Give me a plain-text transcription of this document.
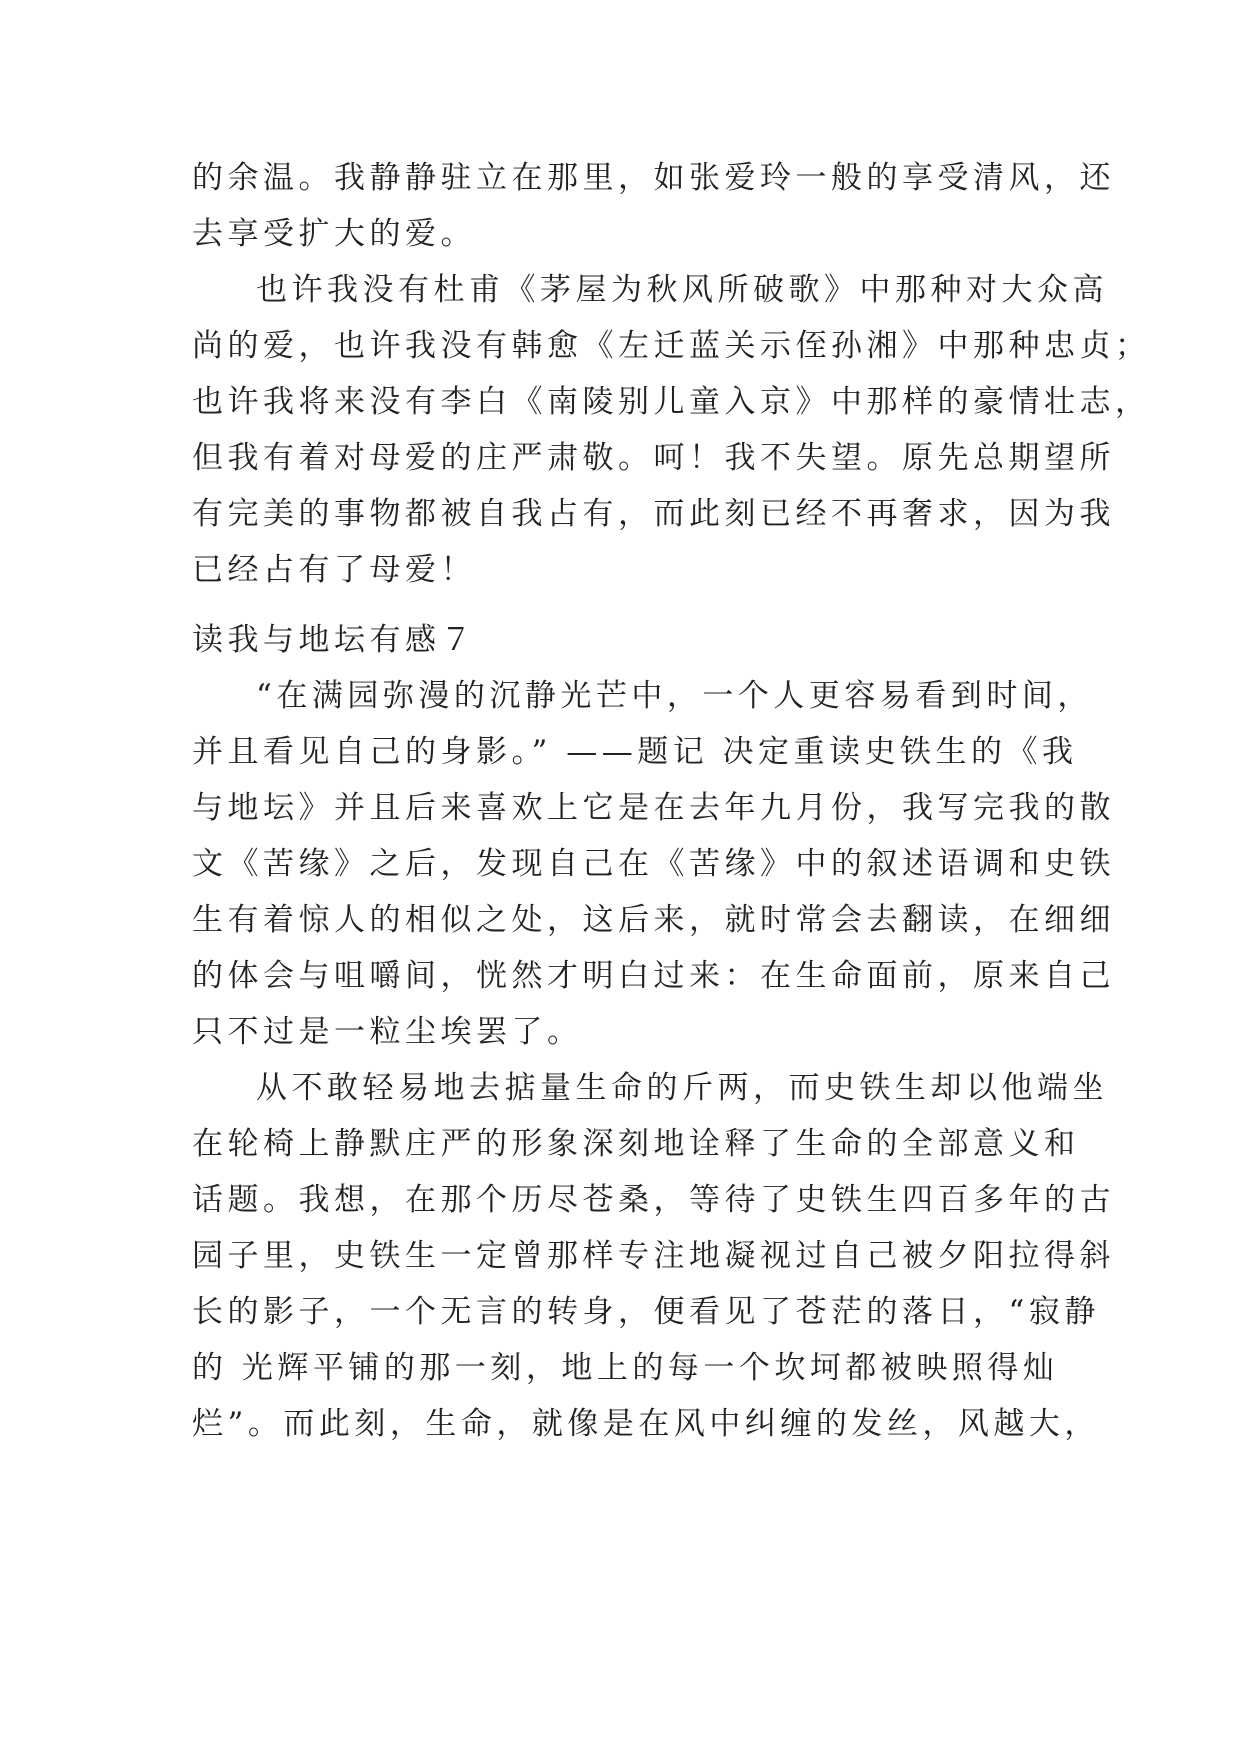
的余温。我静静驻立在那里，如张爱玲一般的享受清风，还
去享受扩大的爱。
也许我没有杜甫《茅屋为秋风所破歌》中那种对大众高
尚的爱，也许我没有韩愈《左迁蓝关示侄孙湘》中那种忠贞；
也许我将来没有李白《南陵别儿童入京》中那样的豪情壮志，
但我有着对母爱的庄严肃敬。呵！我不失望。原先总期望所
有完美的事物都被自我占有，而此刻已经不再奢求，因为我
已经占有了母爱！
读我与地坛有感７
“在满园弥漫的沉静光芒中，一个人更容易看到时间，
并且看见自己的身影。” ——题记 决定重读史铁生的《我
与地坛》并且后来喜欢上它是在去年九月份，我写完我的散
文《苦缘》之后，发现自己在《苦缘》中的叙述语调和史铁
生有着惊人的相似之处，这后来，就时常会去翻读，在细细
的体会与咀嚼间，恍然才明白过来：在生命面前，原来自己
只不过是一粒尘埃罢了。
从不敢轻易地去掂量生命的斤两，而史铁生却以他端坐
在轮椅上静默庄严的形象深刻地诠释了生命的全部意义和
话题。我想，在那个历尽苍桑，等待了史铁生四百多年的古
园子里，史铁生一定曾那样专注地凝视过自己被夕阳拉得斜
长的影子，一个无言的转身，便看见了苍茫的落日，“寂静
的 光辉平铺的那一刻，地上的每一个坎坷都被映照得灿
烂”。而此刻，生命，就像是在风中纠缠的发丝，风越大，
